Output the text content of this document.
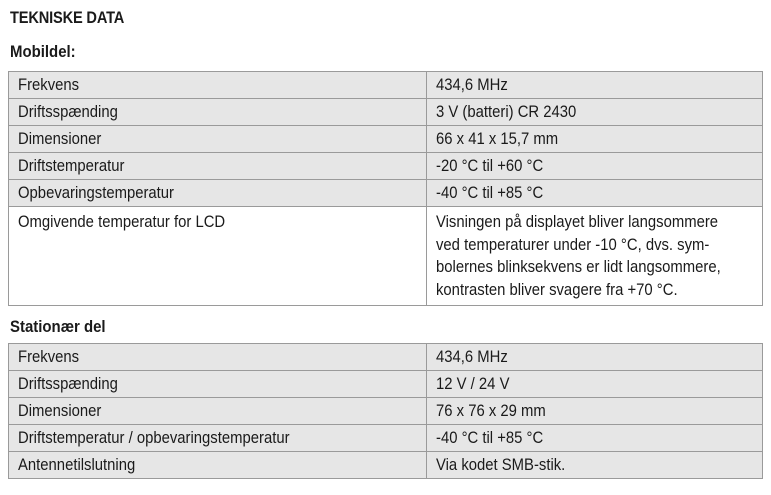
TEKNISKE DATA
Mobildel:
Frekvens	434,6 MHz
Driftsspænding	3 V (batteri) CR 2430
Dimensioner	66 x 41 x 15,7 mm
Driftstemperatur	-20 °C til +60 °C
Opbevaringstemperatur	-40 °C til +85 °C
Omgivende temperatur for LCD	Visningen på displayet bliver langsommere
ved temperaturer under -10 °C, dvs. sym-
bolernes blinksekvens er lidt langsommere,
kontrasten bliver svagere fra +70 °C.
Stationær del
Frekvens	434,6 MHz
Driftsspænding	12 V / 24 V
Dimensioner	76 x 76 x 29 mm
Driftstemperatur / opbevaringstemperatur	-40 °C til +85 °C
Antennetilslutning	Via kodet SMB-stik.
